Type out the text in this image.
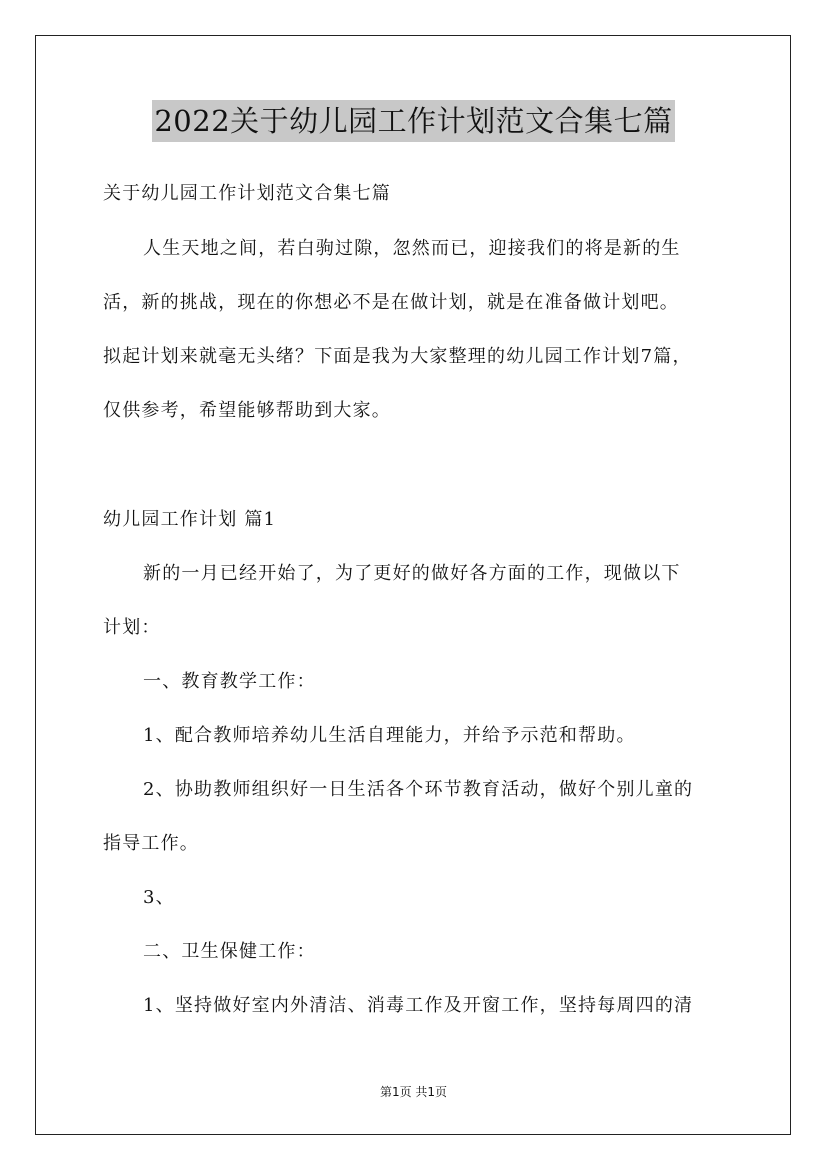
2022关于幼儿园工作计划范文合集七篇
关于幼儿园工作计划范文合集七篇
人生天地之间，若白驹过隙，忽然而已，迎接我们的将是新的生
活，新的挑战，现在的你想必不是在做计划，就是在准备做计划吧。
拟起计划来就毫无头绪？下面是我为大家整理的幼儿园工作计划7篇，
仅供参考，希望能够帮助到大家。
幼儿园工作计划 篇1
新的一月已经开始了，为了更好的做好各方面的工作，现做以下
计划：
一、教育教学工作：
1、配合教师培养幼儿生活自理能力，并给予示范和帮助。
2、协助教师组织好一日生活各个环节教育活动，做好个别儿童的
指导工作。
3、
二、卫生保健工作：
1、坚持做好室内外清洁、消毒工作及开窗工作，坚持每周四的清
第1页 共1页
